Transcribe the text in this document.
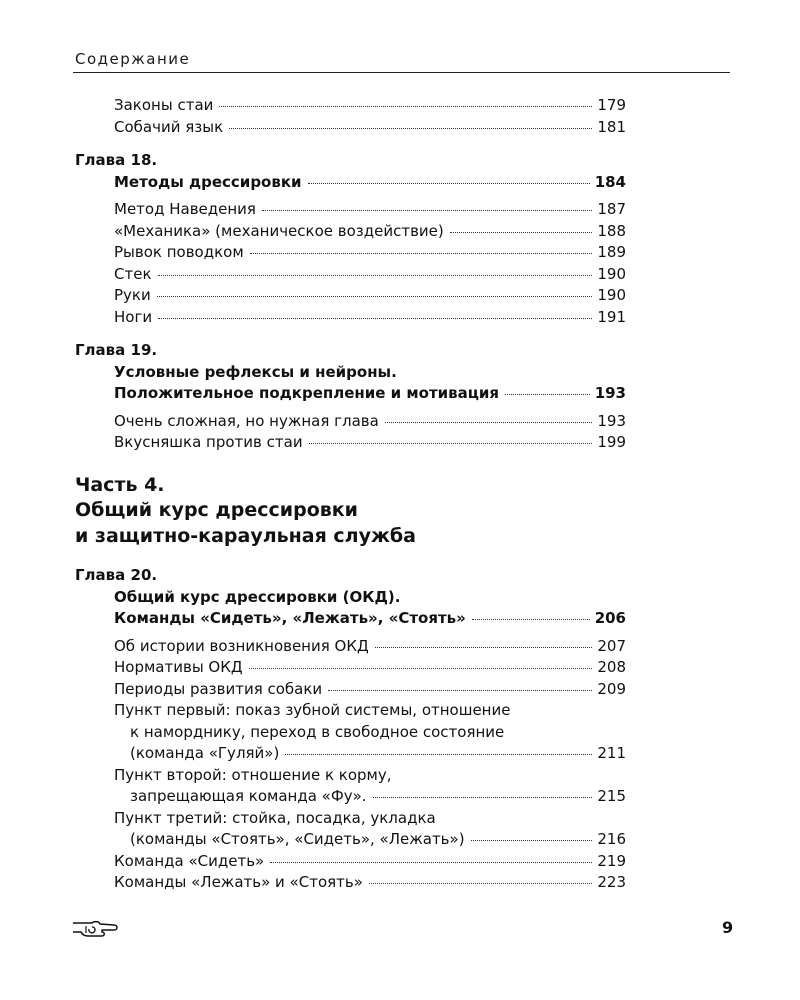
Содержание
Законы стаи	179
Собачий язык	181
Глава 18.
Методы дрессировки	184
Метод Наведения	187
«Механика» (механическое воздействие)	188
Рывок поводком	189
Стек	190
Руки	190
Ноги	191
Глава 19.
Условные рефлексы и нейроны.
Положительное подкрепление и мотивация	193
Очень сложная, но нужная глава	193
Вкусняшка против стаи	199
Часть 4.
Общий курс дрессировки
и защитно-караульная служба
Глава 20.
Общий курс дрессировки (ОКД).
Команды «Сидеть», «Лежать», «Стоять»	206
Об истории возникновения ОКД	207
Нормативы ОКД	208
Периоды развития собаки	209
Пункт первый: показ зубной системы, отношение
к наморднику, переход в свободное состояние
(команда «Гуляй»)	211
Пункт второй: отношение к корму,
запрещающая команда «Фу».	215
Пункт третий: стойка, посадка, укладка
(команды «Стоять», «Сидеть», «Лежать»)	216
Команда «Сидеть»	219
Команды «Лежать» и «Стоять»	223
9
